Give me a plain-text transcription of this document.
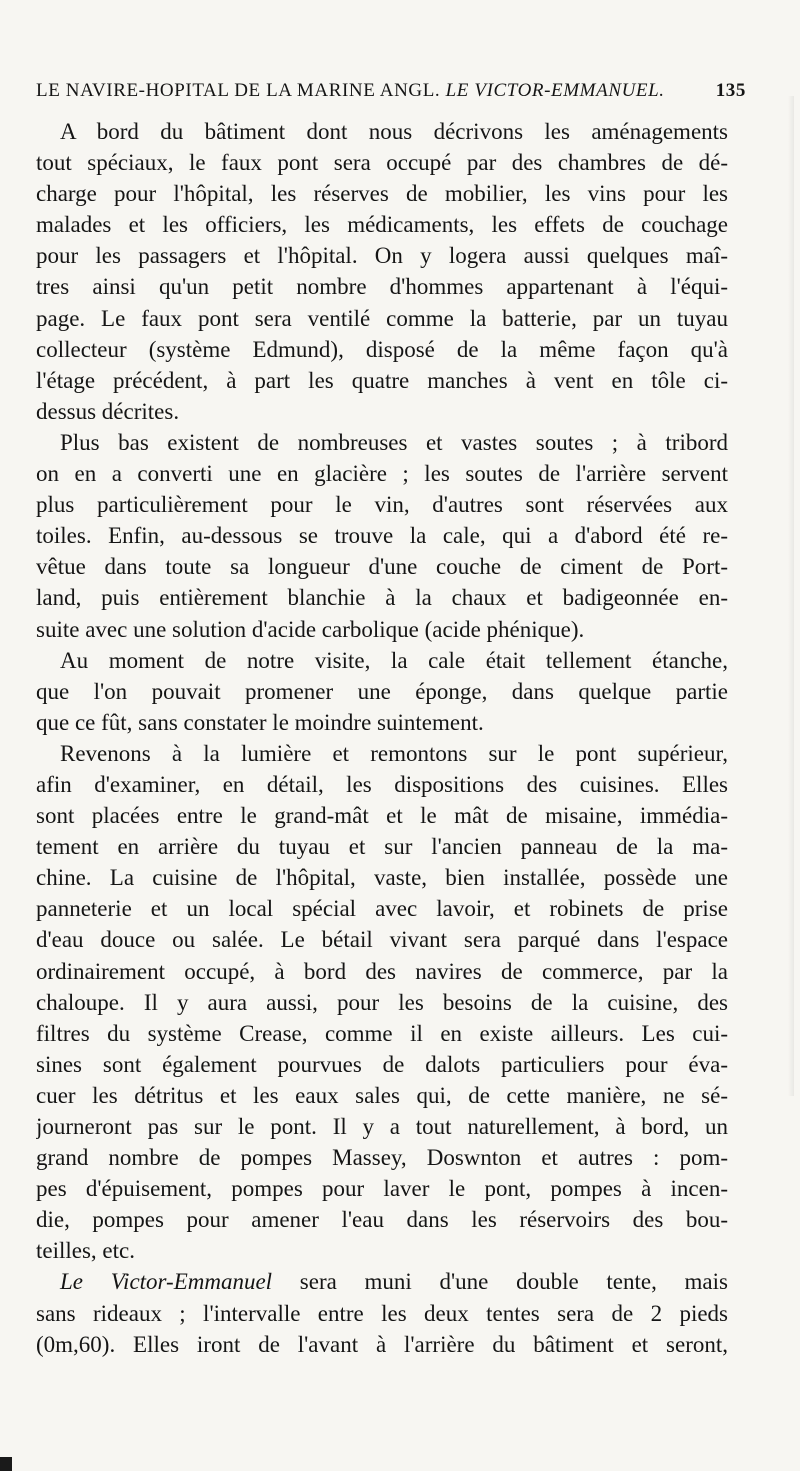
LE NAVIRE-HOPITAL DE LA MARINE ANGL. LE VICTOR-EMMANUEL.	135
A bord du bâtiment dont nous décrivons les aménagements
tout spéciaux, le faux pont sera occupé par des chambres de dé-
charge pour l'hôpital, les réserves de mobilier, les vins pour les
malades et les officiers, les médicaments, les effets de couchage
pour les passagers et l'hôpital. On y logera aussi quelques maî-
tres ainsi qu'un petit nombre d'hommes appartenant à l'équi-
page. Le faux pont sera ventilé comme la batterie, par un tuyau
collecteur (système Edmund), disposé de la même façon qu'à
l'étage précédent, à part les quatre manches à vent en tôle ci-
dessus décrites.
Plus bas existent de nombreuses et vastes soutes ; à tribord
on en a converti une en glacière ; les soutes de l'arrière servent
plus particulièrement pour le vin, d'autres sont réservées aux
toiles. Enfin, au-dessous se trouve la cale, qui a d'abord été re-
vêtue dans toute sa longueur d'une couche de ciment de Port-
land, puis entièrement blanchie à la chaux et badigeonnée en-
suite avec une solution d'acide carbolique (acide phénique).
Au moment de notre visite, la cale était tellement étanche,
que l'on pouvait promener une éponge, dans quelque partie
que ce fût, sans constater le moindre suintement.
Revenons à la lumière et remontons sur le pont supérieur,
afin d'examiner, en détail, les dispositions des cuisines. Elles
sont placées entre le grand-mât et le mât de misaine, immédia-
tement en arrière du tuyau et sur l'ancien panneau de la ma-
chine. La cuisine de l'hôpital, vaste, bien installée, possède une
panneterie et un local spécial avec lavoir, et robinets de prise
d'eau douce ou salée. Le bétail vivant sera parqué dans l'espace
ordinairement occupé, à bord des navires de commerce, par la
chaloupe. Il y aura aussi, pour les besoins de la cuisine, des
filtres du système Crease, comme il en existe ailleurs. Les cui-
sines sont également pourvues de dalots particuliers pour éva-
cuer les détritus et les eaux sales qui, de cette manière, ne sé-
journeront pas sur le pont. Il y a tout naturellement, à bord, un
grand nombre de pompes Massey, Doswnton et autres : pom-
pes d'épuisement, pompes pour laver le pont, pompes à incen-
die, pompes pour amener l'eau dans les réservoirs des bou-
teilles, etc.
Le Victor-Emmanuel sera muni d'une double tente, mais
sans rideaux ; l'intervalle entre les deux tentes sera de 2 pieds
(0m,60). Elles iront de l'avant à l'arrière du bâtiment et seront,
